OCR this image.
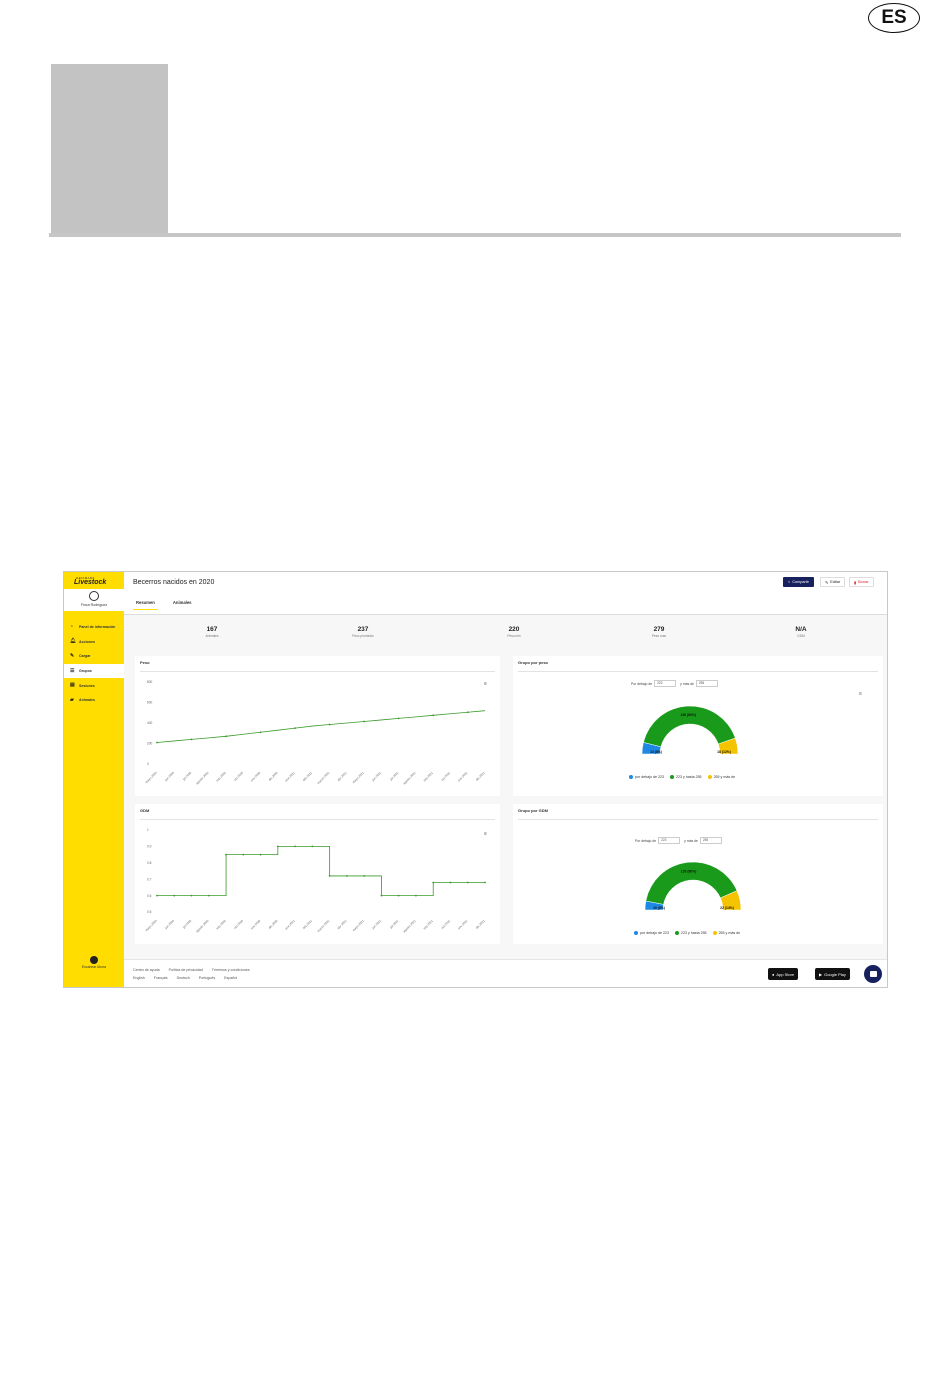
ES
DATAMARS
Livestock
Finca Rodríguez
◔	Panel de información
🔔︎ Acciones
✎	Cargar
☰	Grupos
▤	Sesiones
▰	Animales
Escanear Ahora
Becerros nacidos en 2020	< Compartir	✎ Editar	▮ Borrar
Resumen	Animales
167
Animales
237
Peso promedio
220
Peso min
279
Peso max
N/A
GDM
Peso
≡
0
200
400
600
800
mayo 2020 jun 2020 jul 2020 agosto 2020 sep 2020 oct 2020 nov 2020 dic 2020 ene 2021 feb 2021 marzo 2021 abr 2021 mayo 2021 jun 2021 jul 2021 agosto 2021 sep 2021 oct 2021 nov 2021 dic 2021
Grupo por peso
≡
Por debajo de	223	y más de	255
13 (8%)
136 (80%)
18 (12%)
por debajo de 223	223 y hasta 255	255 y más de
GDM
≡
0.5
0.6
0.7
0.8
0.9
1
mayo 2020 jun 2020 jul 2020 agosto 2020 sep 2020 oct 2020 nov 2020 dic 2020 ene 2021 feb 2021 marzo 2021 abr 2021 mayo 2021 jun 2021 jul 2021 agosto 2021 sep 2021 oct 2021 nov 2021 dic 2021
Grupo por GDM
Por debajo de	223	y más de	255
10 (6%)
135 (80%)
22 (14%)
por debajo de 223	223 y hasta 255	255 y más de
Centro de ayuda	Política de privacidad	Términos y condiciones
English	Français	Deutsch	Português	Español
● App Store	▶ Google Play
